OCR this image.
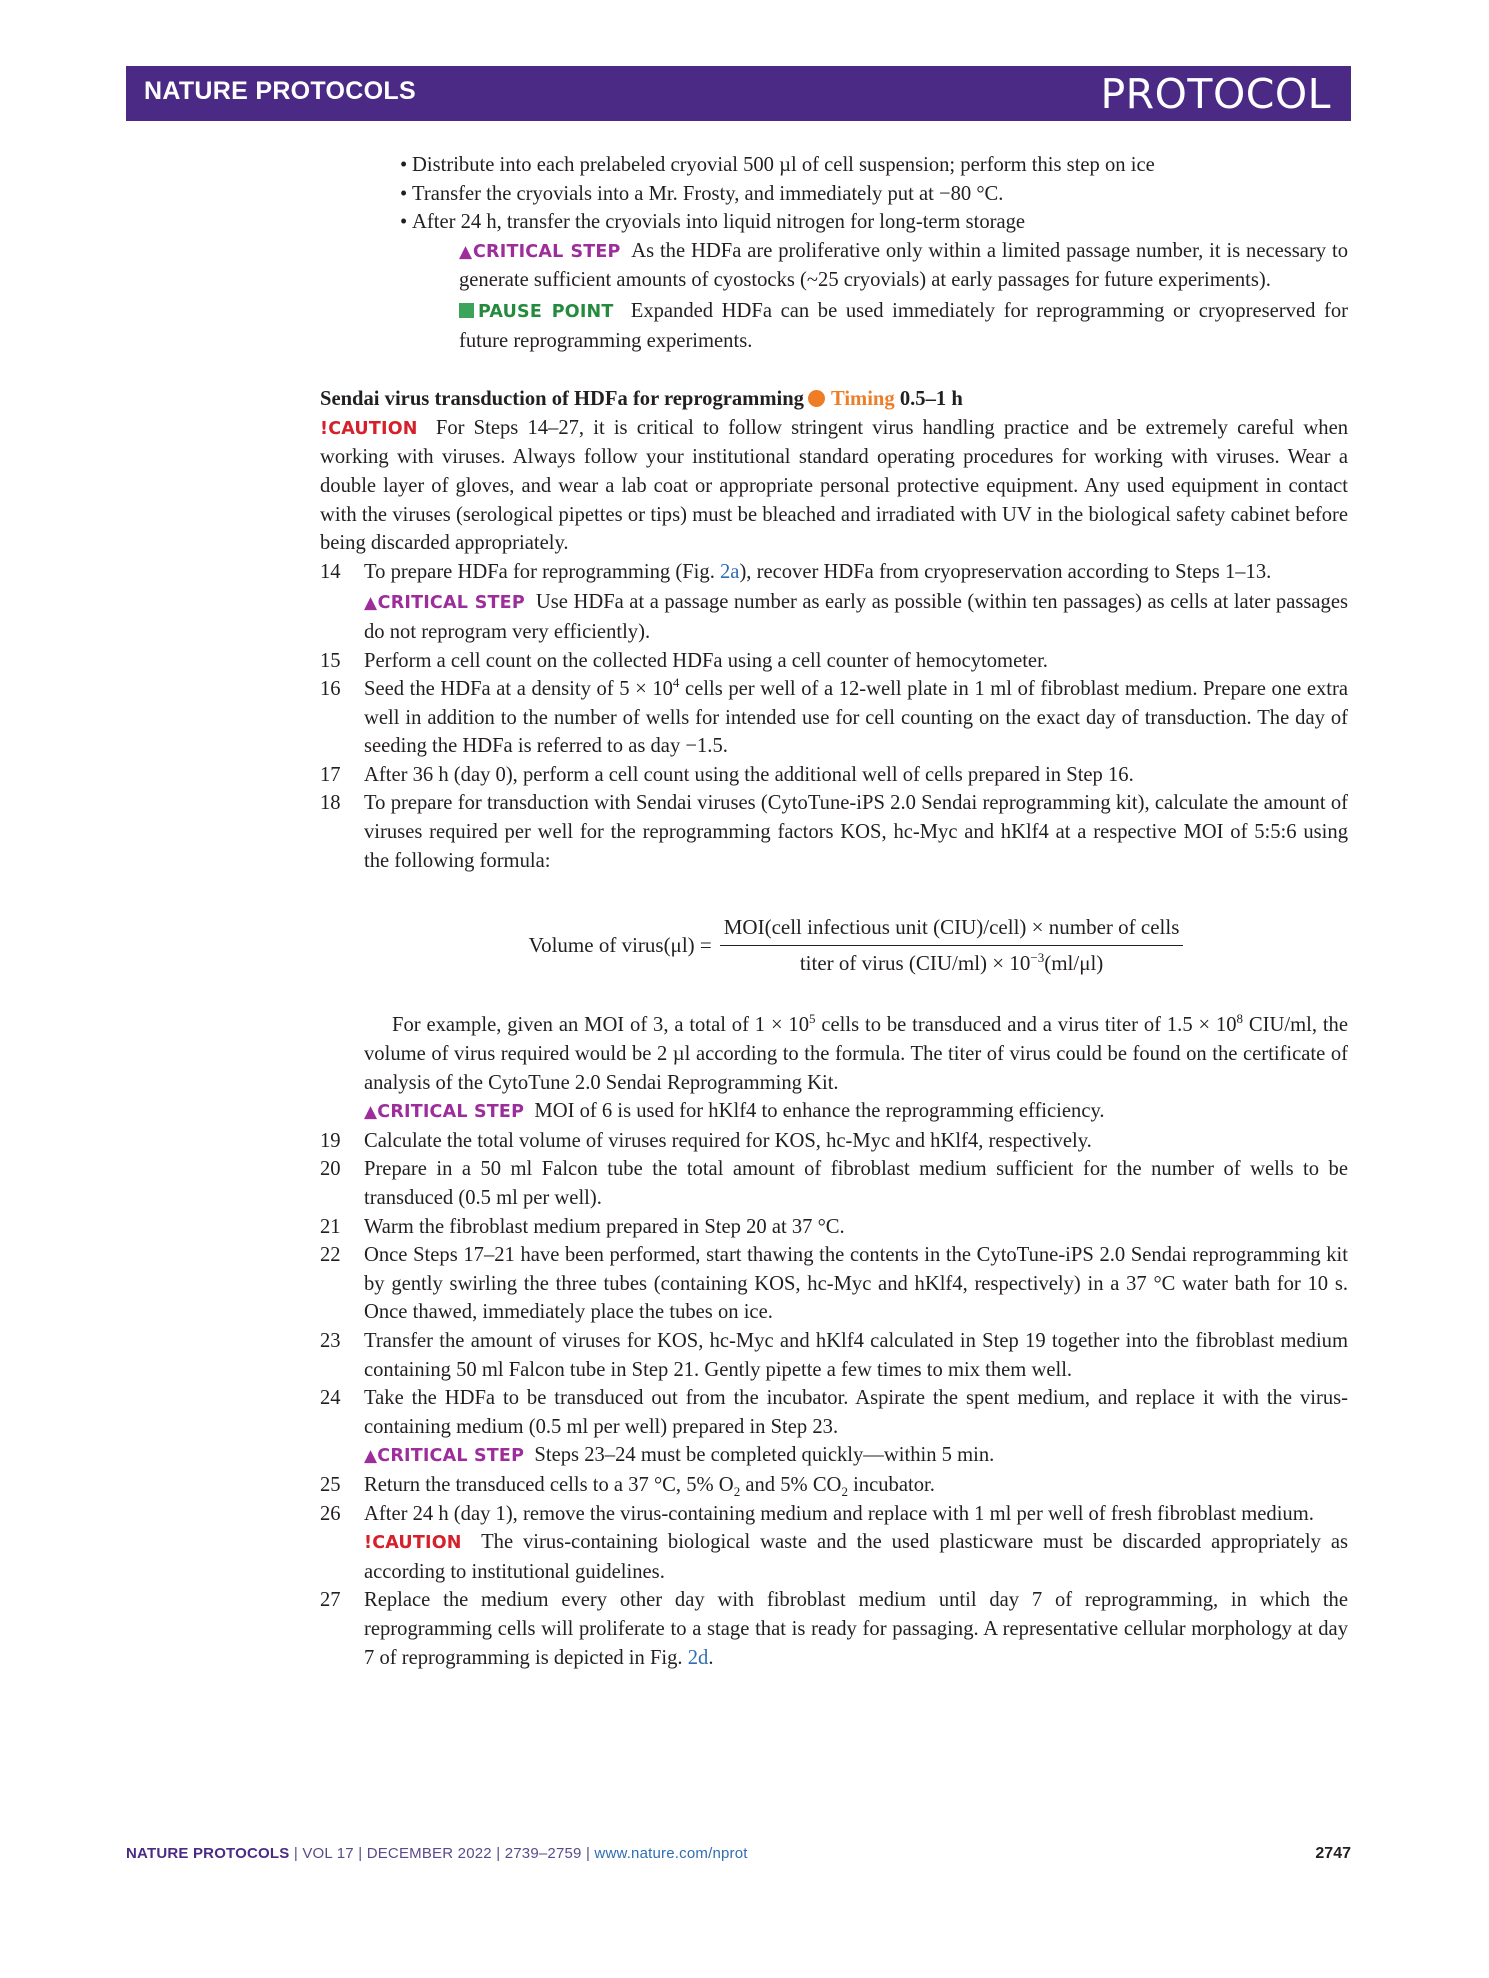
NATURE PROTOCOLS	PROTOCOL

• Distribute into each prelabeled cryovial 500 µl of cell suspension; perform this step on ice

• Transfer the cryovials into a Mr. Frosty, and immediately put at −80 °C.

• After 24 h, transfer the cryovials into liquid nitrogen for long-term storage

▲CRITICAL STEP As the HDFa are proliferative only within a limited passage number, it is necessary to generate sufficient amounts of cyostocks (~25 cryovials) at early passages for future experiments).

PAUSE POINT Expanded HDFa can be used immediately for reprogramming or cryopreserved for future reprogramming experiments.

Sendai virus transduction of HDFa for reprogramming Timing 0.5–1 h

!CAUTION For Steps 14–27, it is critical to follow stringent virus handling practice and be extremely careful when working with viruses. Always follow your institutional standard operating procedures for working with viruses. Wear a double layer of gloves, and wear a lab coat or appropriate personal protective equipment. Any used equipment in contact with the viruses (serological pipettes or tips) must be bleached and irradiated with UV in the biological safety cabinet before being discarded appropriately.

14 To prepare HDFa for reprogramming (Fig. 2a), recover HDFa from cryopreservation according to Steps 1–13.

▲CRITICAL STEP Use HDFa at a passage number as early as possible (within ten passages) as cells at later passages do not reprogram very efficiently).

15 Perform a cell count on the collected HDFa using a cell counter of hemocytometer.

16 Seed the HDFa at a density of $5 \times 10^4$ cells per well of a 12-well plate in 1 ml of fibroblast medium. Prepare one extra well in addition to the number of wells for intended use for cell counting on the exact day of transduction. The day of seeding the HDFa is referred to as day −1.5.

17 After 36 h (day 0), perform a cell count using the additional well of cells prepared in Step 16.

18 To prepare for transduction with Sendai viruses (CytoTune-iPS 2.0 Sendai reprogramming kit), calculate the amount of viruses required per well for the reprogramming factors KOS, hc-Myc and hKlf4 at a respective MOI of 5:5:6 using the following formula:

Volume of virus(μl) = $\frac{\text{MOI(cell infectious unit (CIU)/cell) × number of cells}}{titer of virus (CIU/ml) \times 10^{-3}(ml/\mu l)}$

For example, given an MOI of 3, a total of $1 \times 10^5$ cells to be transduced and a virus titer of $1.5 \times 10^8$ CIU/ml, the volume of virus required would be 2 µl according to the formula. The titer of virus could be found on the certificate of analysis of the CytoTune 2.0 Sendai Reprogramming Kit.

▲CRITICAL STEP MOI of 6 is used for hKlf4 to enhance the reprogramming efficiency.

19 Calculate the total volume of viruses required for KOS, hc-Myc and hKlf4, respectively.

20 Prepare in a 50 ml Falcon tube the total amount of fibroblast medium sufficient for the number of wells to be transduced (0.5 ml per well).

21 Warm the fibroblast medium prepared in Step 20 at 37 °C.

22 Once Steps 17–21 have been performed, start thawing the contents in the CytoTune-iPS 2.0 Sendai reprogramming kit by gently swirling the three tubes (containing KOS, hc-Myc and hKlf4, respectively) in a 37 °C water bath for 10 s. Once thawed, immediately place the tubes on ice.

23 Transfer the amount of viruses for KOS, hc-Myc and hKlf4 calculated in Step 19 together into the fibroblast medium containing 50 ml Falcon tube in Step 21. Gently pipette a few times to mix them well.

24 Take the HDFa to be transduced out from the incubator. Aspirate the spent medium, and replace it with the virus-containing medium (0.5 ml per well) prepared in Step 23.

▲CRITICAL STEP Steps 23–24 must be completed quickly—within 5 min.

25 Return the transduced cells to a 37 °C, 5% $O_2$ and 5% $CO_2$ incubator.

26 After 24 h (day 1), remove the virus-containing medium and replace with 1 ml per well of fresh fibroblast medium.

!CAUTION The virus-containing biological waste and the used plasticware must be discarded appropriately as according to institutional guidelines.

27 Replace the medium every other day with fibroblast medium until day 7 of reprogramming, in which the reprogramming cells will proliferate to a stage that is ready for passaging. A representative cellular morphology at day 7 of reprogramming is depicted in Fig. 2d.

NATURE PROTOCOLS | VOL 17 | DECEMBER 2022 | 2739–2759 | www.nature.com/nprot	2747
